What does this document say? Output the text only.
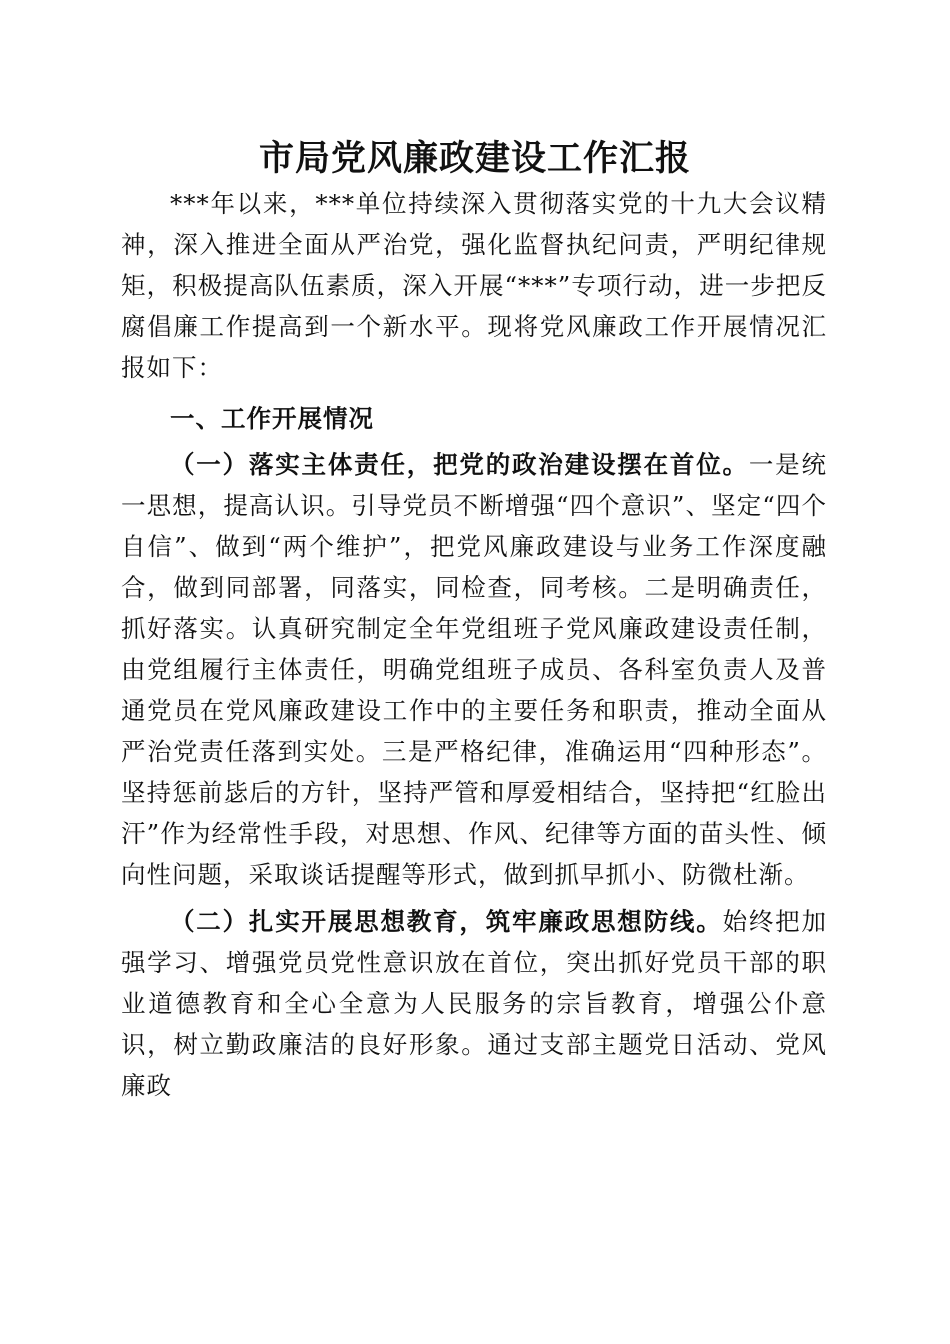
市局党风廉政建设工作汇报

***年以来，***单位持续深入贯彻落实党的十九大会议精神，深入推进全面从严治党，强化监督执纪问责，严明纪律规矩，积极提高队伍素质，深入开展“***”专项行动，进一步把反腐倡廉工作提高到一个新水平。现将党风廉政工作开展情况汇报如下：

一、工作开展情况

（一）落实主体责任，把党的政治建设摆在首位。一是统一思想，提高认识。引导党员不断增强“四个意识”、坚定“四个自信”、做到“两个维护”，把党风廉政建设与业务工作深度融合，做到同部署，同落实，同检查，同考核。二是明确责任，抓好落实。认真研究制定全年党组班子党风廉政建设责任制，由党组履行主体责任，明确党组班子成员、各科室负责人及普通党员在党风廉政建设工作中的主要任务和职责，推动全面从严治党责任落到实处。三是严格纪律，准确运用“四种形态”。坚持惩前毖后的方针，坚持严管和厚爱相结合，坚持把“红脸出汗”作为经常性手段，对思想、作风、纪律等方面的苗头性、倾向性问题，采取谈话提醒等形式，做到抓早抓小、防微杜渐。

（二）扎实开展思想教育，筑牢廉政思想防线。始终把加强学习、增强党员党性意识放在首位，突出抓好党员干部的职业道德教育和全心全意为人民服务的宗旨教育，增强公仆意识，树立勤政廉洁的良好形象。通过支部主题党日活动、党风廉政
